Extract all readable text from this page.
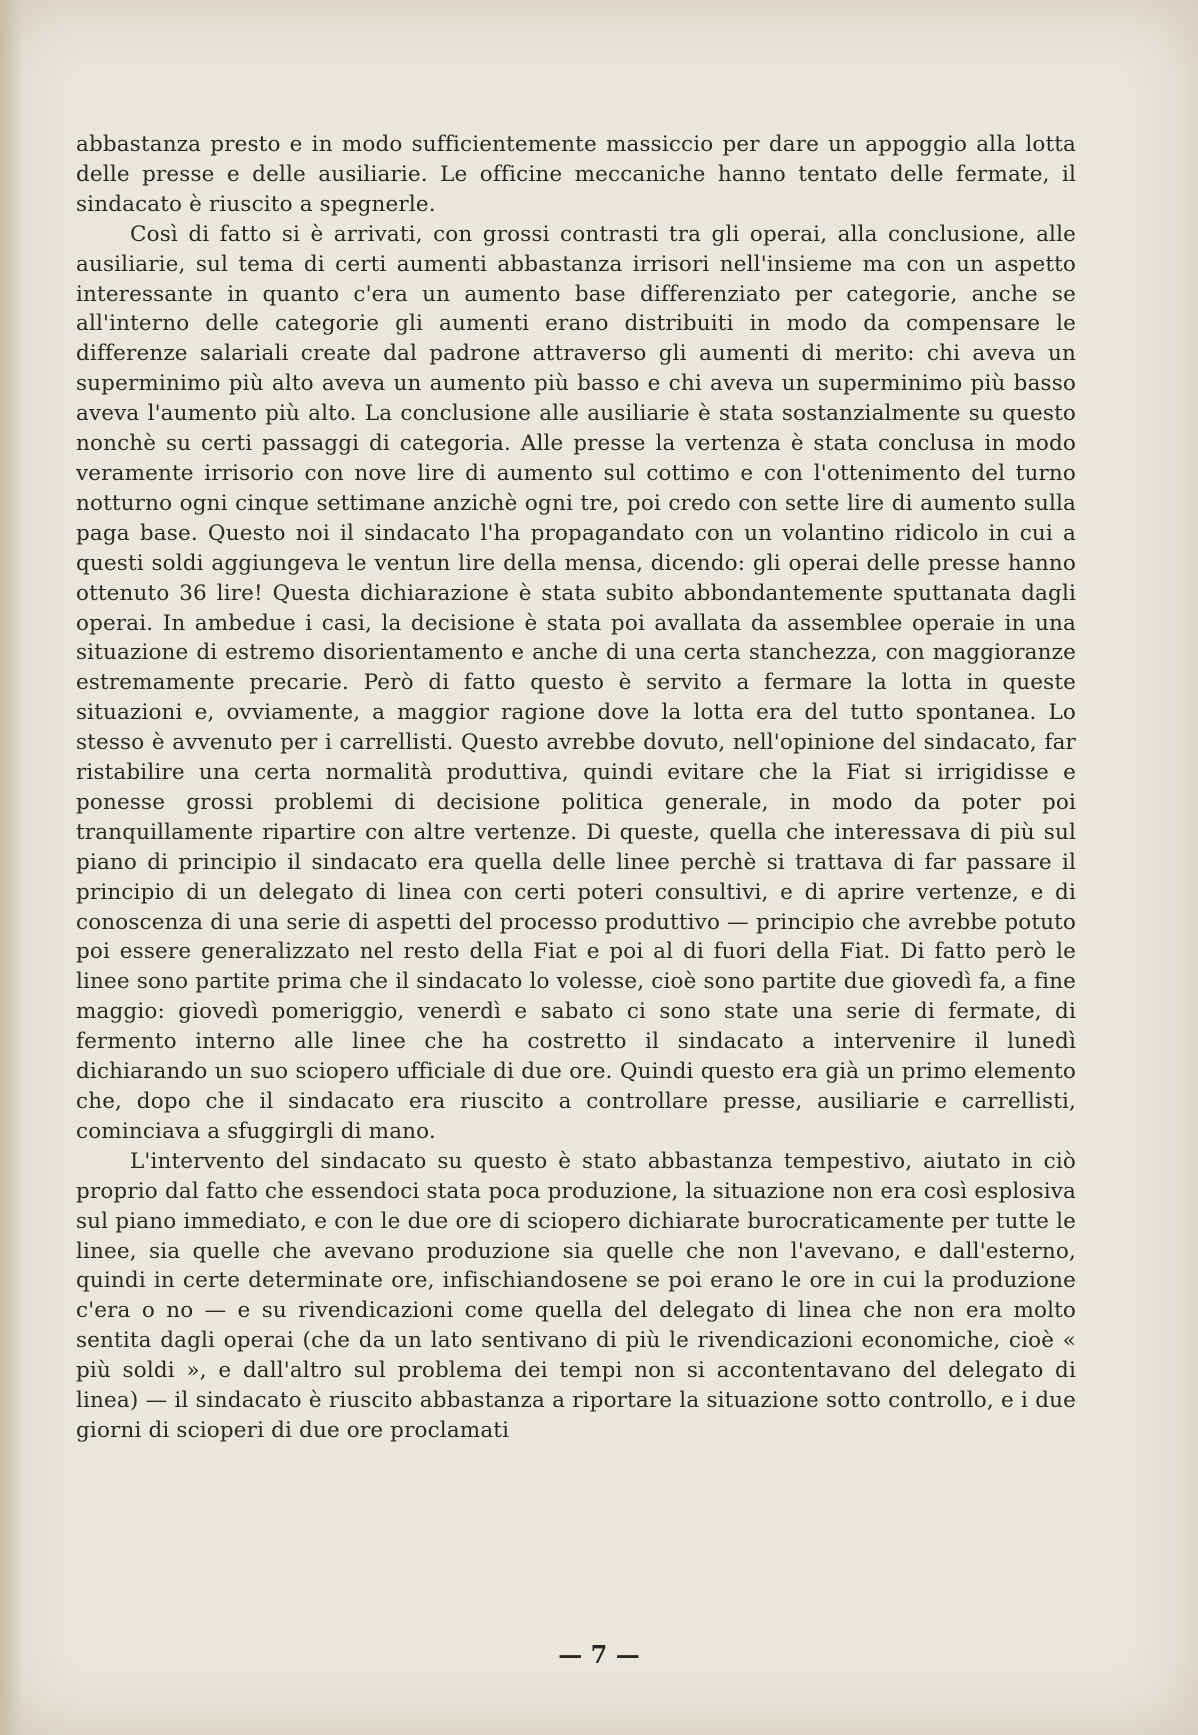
abbastanza presto e in modo sufficientemente massiccio per dare un appoggio alla lotta delle presse e delle ausiliarie. Le officine meccaniche hanno tentato delle fermate, il sindacato è riuscito a spegnerle.

Così di fatto si è arrivati, con grossi contrasti tra gli operai, alla conclusione, alle ausiliarie, sul tema di certi aumenti abbastanza irrisori nell'insieme ma con un aspetto interessante in quanto c'era un aumento base differenziato per categorie, anche se all'interno delle categorie gli aumenti erano distribuiti in modo da compensare le differenze salariali create dal padrone attraverso gli aumenti di merito: chi aveva un superminimo più alto aveva un aumento più basso e chi aveva un superminimo più basso aveva l'aumento più alto. La conclusione alle ausiliarie è stata sostanzialmente su questo nonchè su certi passaggi di categoria. Alle presse la vertenza è stata conclusa in modo veramente irrisorio con nove lire di aumento sul cottimo e con l'ottenimento del turno notturno ogni cinque settimane anzichè ogni tre, poi credo con sette lire di aumento sulla paga base. Questo noi il sindacato l'ha propagandato con un volantino ridicolo in cui a questi soldi aggiungeva le ventun lire della mensa, dicendo: gli operai delle presse hanno ottenuto 36 lire! Questa dichiarazione è stata subito abbondantemente sputtanata dagli operai. In ambedue i casi, la decisione è stata poi avallata da assemblee operaie in una situazione di estremo disorientamento e anche di una certa stanchezza, con maggioranze estremamente precarie. Però di fatto questo è servito a fermare la lotta in queste situazioni e, ovviamente, a maggior ragione dove la lotta era del tutto spontanea. Lo stesso è avvenuto per i carrellisti. Questo avrebbe dovuto, nell'opinione del sindacato, far ristabilire una certa normalità produttiva, quindi evitare che la Fiat si irrigidisse e ponesse grossi problemi di decisione politica generale, in modo da poter poi tranquillamente ripartire con altre vertenze. Di queste, quella che interessava di più sul piano di principio il sindacato era quella delle linee perchè si trattava di far passare il principio di un delegato di linea con certi poteri consultivi, e di aprire vertenze, e di conoscenza di una serie di aspetti del processo produttivo — principio che avrebbe potuto poi essere generalizzato nel resto della Fiat e poi al di fuori della Fiat. Di fatto però le linee sono partite prima che il sindacato lo volesse, cioè sono partite due giovedì fa, a fine maggio: giovedì pomeriggio, venerdì e sabato ci sono state una serie di fermate, di fermento interno alle linee che ha costretto il sindacato a intervenire il lunedì dichiarando un suo sciopero ufficiale di due ore. Quindi questo era già un primo elemento che, dopo che il sindacato era riuscito a controllare presse, ausiliarie e carrellisti, cominciava a sfuggirgli di mano.

L'intervento del sindacato su questo è stato abbastanza tempestivo, aiutato in ciò proprio dal fatto che essendoci stata poca produzione, la situazione non era così esplosiva sul piano immediato, e con le due ore di sciopero dichiarate burocraticamente per tutte le linee, sia quelle che avevano produzione sia quelle che non l'avevano, e dall'esterno, quindi in certe determinate ore, infischiandosene se poi erano le ore in cui la produzione c'era o no — e su rivendicazioni come quella del delegato di linea che non era molto sentita dagli operai (che da un lato sentivano di più le rivendicazioni economiche, cioè « più soldi », e dall'altro sul problema dei tempi non si accontentavano del delegato di linea) — il sindacato è riuscito abbastanza a riportare la situazione sotto controllo, e i due giorni di scioperi di due ore proclamati

— 7 —
